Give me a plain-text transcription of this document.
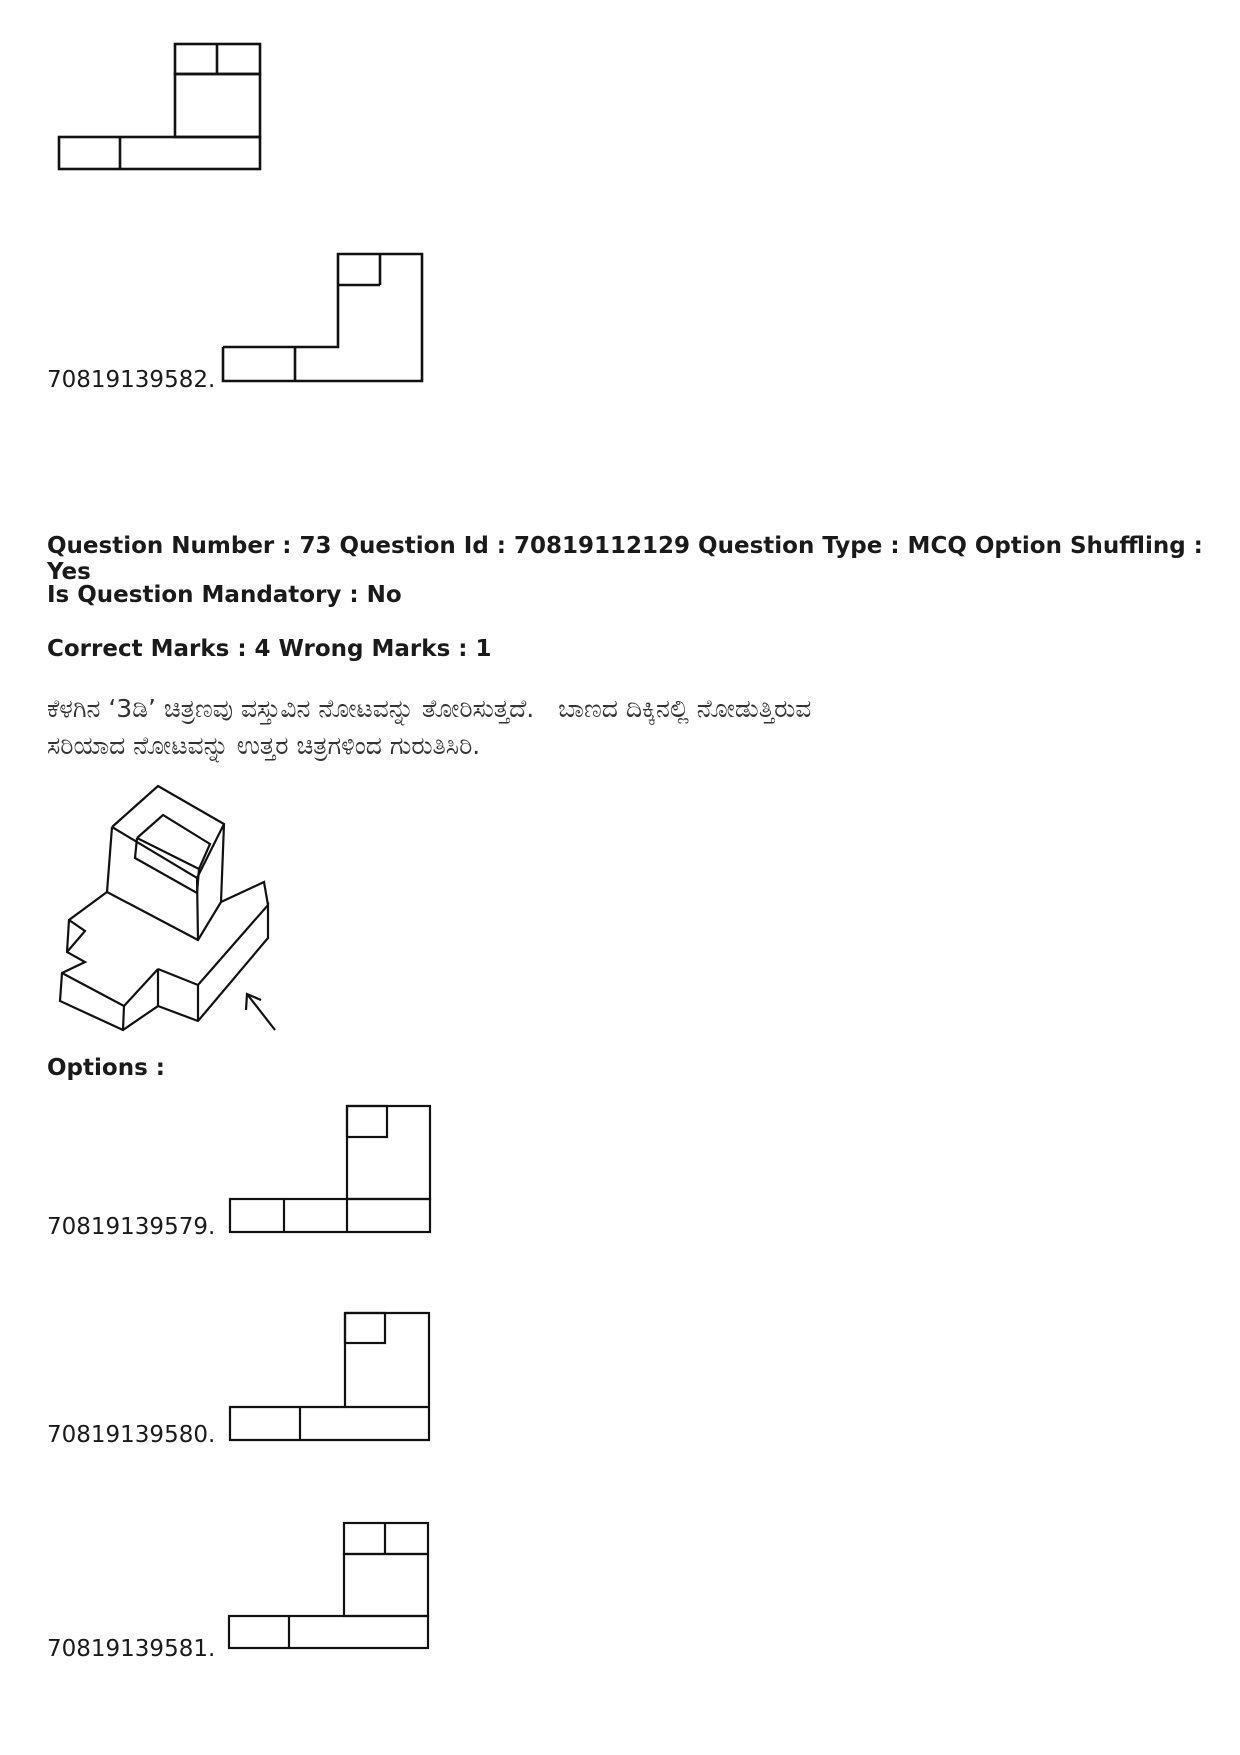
70819139582.
Question Number : 73 Question Id : 70819112129 Question Type : MCQ Option Shuffling : Yes
Is Question Mandatory : No
Correct Marks : 4 Wrong Marks : 1
ಕೆಳಗಿನ ‘3ಡಿ’ ಚಿತ್ರಣವು ವಸ್ತುವಿನ ನೋಟವನ್ನು ತೋರಿಸುತ್ತದೆ.   ಬಾಣದ ದಿಕ್ಕಿನಲ್ಲಿ ನೋಡುತ್ತಿರುವ
ಸರಿಯಾದ ನೋಟವನ್ನು ಉತ್ತರ ಚಿತ್ರಗಳಿಂದ ಗುರುತಿಸಿರಿ.
Options :
70819139579.
70819139580.
70819139581.
